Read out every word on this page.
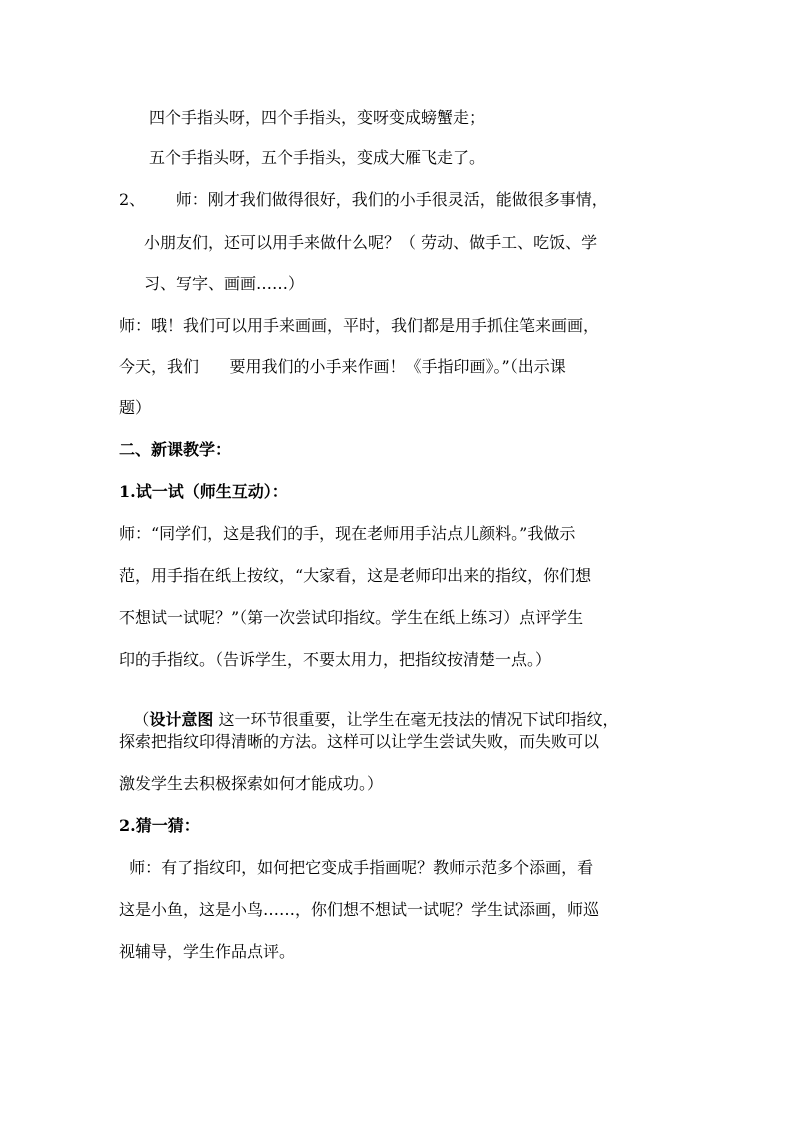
四个手指头呀，四个手指头，变呀变成螃蟹走；
五个手指头呀，五个手指头，变成大雁飞走了。
2、      师：刚才我们做得很好，我们的小手很灵活，能做很多事情，
小朋友们，还可以用手来做什么呢？（ 劳动、做手工、吃饭、学
习、写字、画画……）
师：哦！我们可以用手来画画，平时，我们都是用手抓住笔来画画，
今天，我们      要用我们的小手来作画！《手指印画》。”（出示课
题）
二、新课教学：
1.试一试（师生互动）：
师：“同学们，这是我们的手，现在老师用手沾点儿颜料。”我做示
范，用手指在纸上按纹，“大家看，这是老师印出来的指纹，你们想
不想试一试呢？”（第一次尝试印指纹。学生在纸上练习）点评学生
印的手指纹。（告诉学生，不要太用力，把指纹按清楚一点。）

（设计意图 这一环节很重要，让学生在毫无技法的情况下试印指纹，

探索把指纹印得清晰的方法。这样可以让学生尝试失败，而失败可以
激发学生去积极探索如何才能成功。）
2.猜一猜：
师：有了指纹印，如何把它变成手指画呢？教师示范多个添画，看
这是小鱼，这是小鸟……，你们想不想试一试呢？学生试添画，师巡
视辅导，学生作品点评。
